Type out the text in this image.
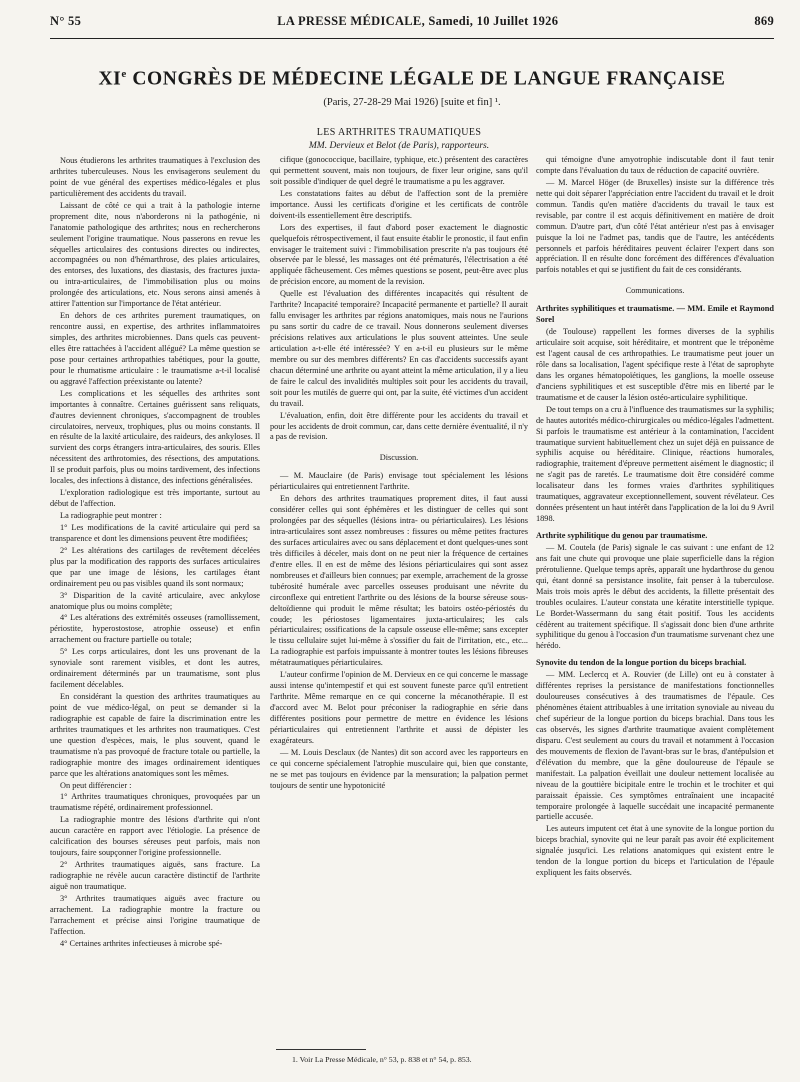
N° 55	LA PRESSE MÉDICALE, Samedi, 10 Juillet 1926	869
XIe CONGRÈS DE MÉDECINE LÉGALE DE LANGUE FRANÇAISE
(Paris, 27-28-29 Mai 1926) [suite et fin] ¹.
LES ARTHRITES TRAUMATIQUES
MM. Dervieux et Belot (de Paris), rapporteurs.

Nous étudierons les arthrites traumatiques à l'exclusion des arthrites tuberculeuses. Nous les envisagerons seulement du point de vue général des expertises médico-légales et plus particulièrement des accidents du travail.

Laissant de côté ce qui a trait à la pathologie interne proprement dite, nous n'aborderons ni la pathogénie, ni l'anatomie pathologique des arthrites; nous en rechercherons seulement l'origine traumatique. Nous passerons en revue les séquelles articulaires des contusions directes ou indirectes, accompagnées ou non d'hémarthrose, des plaies articulaires, des entorses, des luxations, des diastasis, des fractures juxta- ou intra-articulaires, de l'immobilisation plus ou moins prolongée des articulations, etc. Nous serons ainsi amenés à attirer l'attention sur l'importance de l'état antérieur.

En dehors de ces arthrites purement traumatiques, on rencontre aussi, en expertise, des arthrites inflammatoires simples, des arthrites microbiennes. Dans quels cas peuvent-elles être rattachées à l'accident allégué? La même question se pose pour certaines arthropathies tabétiques, pour la goutte, pour le rhumatisme articulaire : le traumatisme a-t-il localisé ou aggravé l'affection préexistante ou latente?

Les complications et les séquelles des arthrites sont importantes à connaître. Certaines guérissent sans reliquats, d'autres deviennent chroniques, s'accompagnent de troubles circulatoires, nerveux, trophiques, plus ou moins constants. Il en résulte de la laxité articulaire, des raideurs, des ankyloses. Il survient des corps étrangers intra-articulaires, des souris. Elles nécessitent des arthrotomies, des résections, des amputations. Il se produit parfois, plus ou moins tardivement, des infections locales, des infections à distance, des infections généralisées.

L'exploration radiologique est très importante, surtout au début de l'affection.

La radiographie peut montrer :

1° Les modifications de la cavité articulaire qui perd sa transparence et dont les dimensions peuvent être modifiées;

2° Les altérations des cartilages de revêtement décelées plus par la modification des rapports des surfaces articulaires que par une image de lésions, les cartilages étant ordinairement peu ou pas visibles quand ils sont normaux;

3° Disparition de la cavité articulaire, avec ankylose anatomique plus ou moins complète;

4° Les altérations des extrémités osseuses (ramollissement, périostite, hyperostostose, atrophie osseuse) et enfin arrachement ou fracture partielle ou totale;

5° Les corps articulaires, dont les uns provenant de la synoviale sont rarement visibles, et dont les autres, ordinairement déterminés par un traumatisme, sont plus facilement décelables.

En considérant la question des arthrites traumatiques au point de vue médico-légal, on peut se demander si la radiographie est capable de faire la discrimination entre les arthrites traumatiques et les arthrites non traumatiques. C'est une question d'espèces, mais, le plus souvent, quand le traumatisme n'a pas provoqué de fracture totale ou partielle, la radiographie montre des images ordinairement identiques parce que les altérations anatomiques sont les mêmes.

On peut différencier :

1° Arthrites traumatiques chroniques, provoquées par un traumatisme répété, ordinairement professionnel.

La radiographie montre des lésions d'arthrite qui n'ont aucun caractère en rapport avec l'étiologie. La présence de calcification des bourses séreuses peut parfois, mais non toujours, faire soupçonner l'origine professionnelle.

2° Arthrites traumatiques aiguës, sans fracture. La radiographie ne révèle aucun caractère distinctif de l'arthrite aiguë non traumatique.

3° Arthrites traumatiques aiguës avec fracture ou arrachement. La radiographie montre la fracture ou l'arrachement et précise ainsi l'origine traumatique de l'affection.

4° Certaines arthrites infectieuses à microbe spé-

cifique (gonococcique, bacillaire, typhique, etc.) présentent des caractères qui permettent souvent, mais non toujours, de fixer leur origine, sans qu'il soit possible d'indiquer de quel degré le traumatisme a pu les aggraver.

Les constatations faites au début de l'affection sont de la première importance. Aussi les certificats d'origine et les certificats de contrôle doivent-ils essentiellement être descriptifs.

Lors des expertises, il faut d'abord poser exactement le diagnostic quelquefois rétrospectivement, il faut ensuite établir le pronostic, il faut enfin envisager le traitement suivi : l'immobilisation prescrite n'a pas toujours été observée par le blessé, les massages ont été prématurés, l'électrisation a été appliquée fâcheusement. Ces mêmes questions se posent, peut-être avec plus de précision encore, au moment de la revision.

Quelle est l'évaluation des différentes incapacités qui résultent de l'arthrite? Incapacité temporaire? Incapacité permanente et partielle? Il aurait fallu envisager les arthrites par régions anatomiques, mais nous ne l'aurions pu sans sortir du cadre de ce travail. Nous donnerons seulement diverses précisions relatives aux articulations le plus souvent atteintes. Une seule articulation a-t-elle été intéressée? Y en a-t-il eu plusieurs sur le même membre ou sur des membres différents? En cas d'accidents successifs ayant chacun déterminé une arthrite ou ayant atteint la même articulation, il y a lieu de faire le calcul des invalidités multiples soit pour les accidents du travail, soit pour les mutilés de guerre qui ont, par la suite, été victimes d'un accident du travail.

L'évaluation, enfin, doit être différente pour les accidents du travail et pour les accidents de droit commun, car, dans cette dernière éventualité, il n'y a pas de revision.

Discussion.

— M. Mauclaire (de Paris) envisage tout spécialement les lésions périarticulaires qui entretiennent l'arthrite.

En dehors des arthrites traumatiques proprement dites, il faut aussi considérer celles qui sont éphémères et les distinguer de celles qui sont prolongées par des séquelles (lésions intra- ou périarticulaires). Les lésions intra-articulaires sont assez nombreuses : fissures ou même petites fractures des surfaces articulaires avec ou sans déplacement et dont quelques-unes sont très difficiles à déceler, mais dont on ne peut nier la fréquence de certaines d'entre elles. Il en est de même des lésions périarticulaires qui sont assez nombreuses et d'ailleurs bien connues; par exemple, arrachement de la grosse tubérosité humérale avec parcelles osseuses produisant une névrite du circonflexe qui entretient l'arthrite ou des lésions de la bourse séreuse sous-deltoïdienne qui produit le même résultat; les batoirs ostéo-périostés du coude; les périostoses ligamentaires juxta-articulaires; les cals périarticulaires; ossifications de la capsule osseuse elle-même; sans excepter le tissu cellulaire sujet lui-même à s'ossifier du fait de l'irritation, etc., etc... La radiographie est parfois impuissante à montrer toutes les lésions fibreuses métatraumatiques périarticulaires.

L'auteur confirme l'opinion de M. Dervieux en ce qui concerne le massage aussi intense qu'intempestif et qui est souvent funeste parce qu'il entretient l'arthrite. Même remarque en ce qui concerne la mécanothérapie. Il est d'accord avec M. Belot pour préconiser la radiographie en série dans différentes positions pour permettre de mettre en évidence les lésions périarticulaires qui entretiennent l'arthrite et aussi de dépister les exagérateurs.

— M. Louis Desclaux (de Nantes) dit son accord avec les rapporteurs en ce qui concerne spécialement l'atrophie musculaire qui, bien que constante, ne se met pas toujours en évidence par la mensuration; la palpation permet toujours de sentir une hypotonicité

qui témoigne d'une amyotrophie indiscutable dont il faut tenir compte dans l'évaluation du taux de réduction de capacité ouvrière.

— M. Marcel Höger (de Bruxelles) insiste sur la différence très nette qui doit séparer l'appréciation entre l'accident du travail et le droit commun. Tandis qu'en matière d'accidents du travail le taux est revisable, par contre il est acquis définitivement en matière de droit commun. D'autre part, d'un côté l'état antérieur n'est pas à envisager puisque la loi ne l'admet pas, tandis que de l'autre, les antécédents personnels et parfois héréditaires peuvent éclairer l'expert dans son appréciation. Il en résulte donc forcément des différences d'évaluation parfois notables et qui se justifient du fait de ces considérants.

Communications.

Arthrites syphilitiques et traumatisme. — MM. Emile et Raymond Sorel

(de Toulouse) rappellent les formes diverses de la syphilis articulaire soit acquise, soit héréditaire, et montrent que le tréponème est l'agent causal de ces arthropathies. Le traumatisme peut jouer un rôle dans sa localisation, l'agent spécifique reste à l'état de saprophyte dans les organes hématopoïétiques, les ganglions, la moelle osseuse d'anciens syphilitiques et est susceptible d'être mis en liberté par le traumatisme et de causer la lésion ostéo-articulaire syphilitique.

De tout temps on a cru à l'influence des traumatismes sur la syphilis; de hautes autorités médico-chirurgicales ou médico-légales l'admettent. Si parfois le traumatisme est antérieur à la contamination, l'accident traumatique survient habituellement chez un sujet déjà en puissance de syphilis acquise ou héréditaire. Clinique, réactions humorales, radiographie, traitement d'épreuve permettent aisément le diagnostic; il ne s'agit pas de raretés. Le traumatisme doit être considéré comme localisateur dans les formes vraies d'arthrites syphilitiques traumatiques, aggravateur exceptionnellement, souvent révélateur. Ces données présentent un haut intérêt dans l'application de la loi du 9 Avril 1898.

Arthrite syphilitique du genou par traumatisme.

— M. Coutela (de Paris) signale le cas suivant : une enfant de 12 ans fait une chute qui provoque une plaie superficielle dans la région prérotulienne. Quelque temps après, apparaît une hydarthrose du genou qui, étant donné sa persistance insolite, fait penser à la tuberculose. Mais trois mois après le début des accidents, la fillette présentait des troubles oculaires. L'auteur constata une kératite interstitielle typique. Le Bordet-Wassermann du sang était positif. Tous les accidents cédèrent au traitement spécifique. Il s'agissait donc bien d'une arthrite syphilitique du genou à l'occasion d'un traumatisme survenant chez une hérédo.

Synovite du tendon de la longue portion du biceps brachial.

— MM. Leclercq et A. Rouvier (de Lille) ont eu à constater à différentes reprises la persistance de manifestations fonctionnelles douloureuses consécutives à des traumatismes de l'épaule. Ces phénomènes étaient attribuables à une irritation synoviale au niveau du chef supérieur de la longue portion du biceps brachial. Dans tous les cas observés, les signes d'arthrite traumatique avaient complètement disparu. C'est seulement au cours du travail et notamment à l'occasion des mouvements de flexion de l'avant-bras sur le bras, d'antépulsion et d'élévation du membre, que la gêne douloureuse de l'épaule se manifestait. La palpation éveillait une douleur nettement localisée au niveau de la gouttière bicipitale entre le trochin et le trochiter et qui paraissait épaissie. Ces symptômes entraînaient une incapacité temporaire prolongée à laquelle succédait une incapacité permanente partielle accusée.

Les auteurs imputent cet état à une synovite de la longue portion du biceps brachial, synovite qui ne leur paraît pas avoir été explicitement signalée jusqu'ici. Les relations anatomiques qui existent entre le tendon de la longue portion du biceps et l'articulation de l'épaule expliquent les faits observés.

1. Voir La Presse Médicale, n° 53, p. 838 et n° 54, p. 853.
